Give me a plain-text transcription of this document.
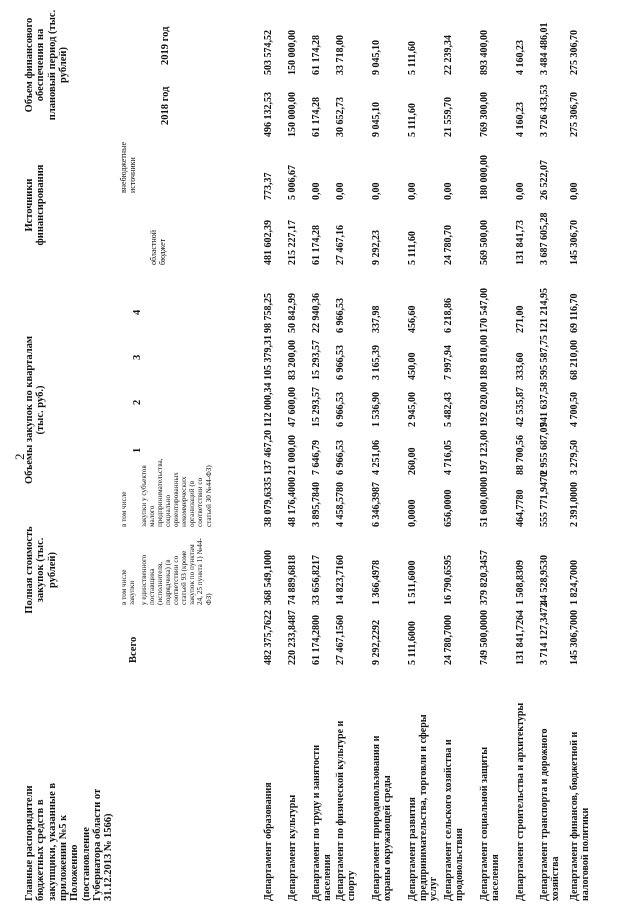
2
Главные распорядители бюджетных средств в закупщики, указанные в приложении №5 к Положению (постановление Губернатора области от 31.12.2013 № 1566)
Полная стоимость закупок (тыс. рублей)
Всего
в том числе закупки у единственного поставщика (исполнителя, подрядчика) (в соответствии со статьей 93 (кроме закупок по пунктам 24, 25 пункта 1) №44-ФЗ)
в том числе закупки у субъектов малого предпринимательства, социально ориентированных некоммерческих организаций (в соответствии со статьей 30 №44-ФЗ)
Объемы закупок по кварталам (тыс. руб.)
1
2
3
4
Источники финансирования
областной бюджет
внебюджетные источники
Объем финансового обеспечения на плановый период (тыс. рублей)
2018 год
2019 год
Департамент образования
482 375,7622
368 549,1000
38 079,6335
137 467,20
112 000,34
105 379,31
98 758,25
481 602,39
773,37
496 132,53
503 574,52
Департамент культуры
220 233,8487
74 889,6818
48 176,4000
21 000,00
47 600,00
83 200,00
50 842,99
215 227,17
5 006,67
150 000,00
150 000,00
Департамент по труду и занятости населения
61 174,2800
33 656,8217
3 895,7840
7 646,79
15 293,57
15 293,57
22 940,36
61 174,28
0,00
61 174,28
61 174,28
Департамент по физической культуре и спорту
27 467,1560
14 823,7160
4 458,5780
6 966,53
6 966,53
6 966,53
6 966,53
27 467,16
0,00
30 652,73
33 718,00
Департамент природопользования и охраны окружающей среды
9 292,2292
1 366,4978
6 346,3987
4 251,06
1 536,90
3 165,39
337,98
9 292,23
0,00
9 045,10
9 045,10
Департамент развития предпринимательства, торговли и сферы услуг
5 111,6000
1 511,6000
0,0000
260,00
2 945,00
450,00
456,60
5 111,60
0,00
5 111,60
5 111,60
Департамент сельского хозяйства и продовольствия
24 780,7000
16 790,6595
656,0000
4 716,05
5 482,43
7 997,94
6 218,86
24 780,70
0,00
21 559,70
22 239,34
Департамент социальной защиты населения
749 500,0000
379 820,3457
51 600,0000
197 123,00
192 020,00
189 810,00
170 547,00
569 500,00
180 000,00
769 300,00
893 400,00
Департамент строительства и архитектуры
131 841,7264
1 508,8309
464,7780
88 700,56
42 535,87
333,60
271,00
131 841,73
0,00
4 160,23
4 160,23
Департамент транспорта и дорожного хозяйства
3 714 127,3472
44 528,9530
555 771,9470
2 955 687,07
941 637,58
595 587,75
121 214,95
3 687 605,28
26 522,07
3 726 433,53
3 484 486,01
Департамент финансов, бюджетной и налоговой политики
145 306,7000
1 824,7000
2 391,0000
3 279,50
4 700,50
68 210,00
69 116,70
145 306,70
0,00
275 306,70
275 306,70
